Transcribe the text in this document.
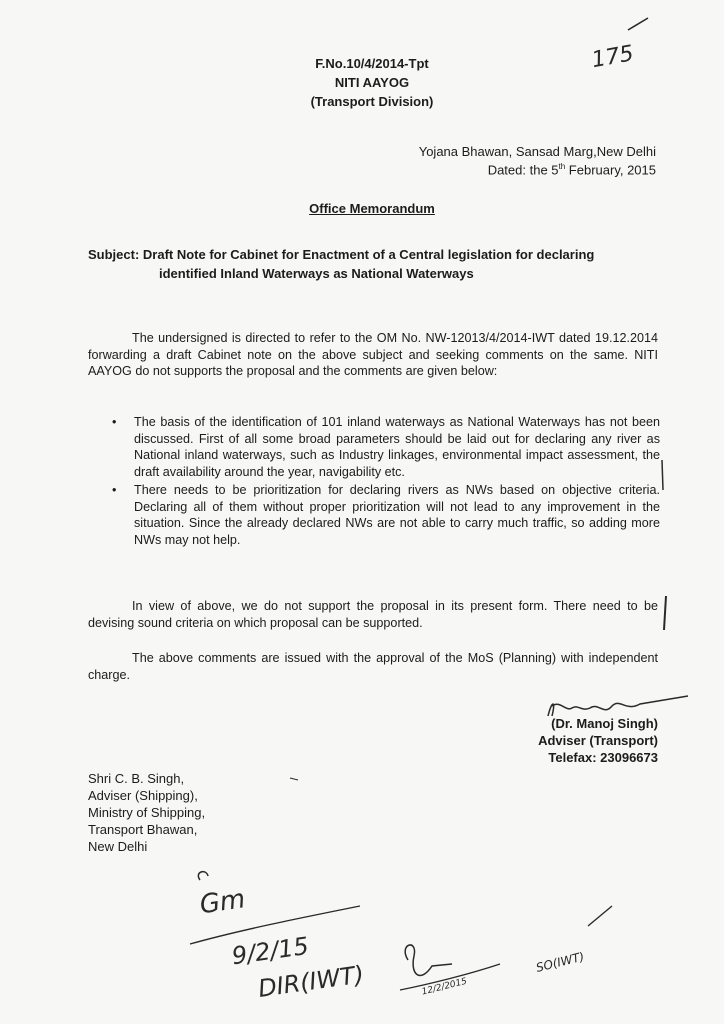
F.No.10/4/2014-Tpt
NITI AAYOG
(Transport Division)
Yojana Bhawan, Sansad Marg,New Delhi
Dated: the 5th February, 2015
Office Memorandum
Subject: Draft Note for Cabinet for Enactment of a Central legislation for declaring
identified Inland Waterways as National Waterways
The undersigned is directed to refer to the OM No. NW-12013/4/2014-IWT dated 19.12.2014 forwarding a draft Cabinet note on the above subject and seeking comments on the same. NITI AAYOG do not supports the proposal and the comments are given below:
• The basis of the identification of 101 inland waterways as National Waterways has not been discussed. First of all some broad parameters should be laid out for declaring any river as National inland waterways, such as Industry linkages, environmental impact assessment, the draft availability around the year, navigability etc.
• There needs to be prioritization for declaring rivers as NWs based on objective criteria. Declaring all of them without proper prioritization will not lead to any improvement in the situation. Since the already declared NWs are not able to carry much traffic, so adding more NWs may not help.
In view of above, we do not support the proposal in its present form. There need to be devising sound criteria on which proposal can be supported.
The above comments are issued with the approval of the MoS (Planning) with independent charge.
(Dr. Manoj Singh)
Adviser (Transport)
Telefax: 23096673
Shri C. B. Singh,
Adviser (Shipping),
Ministry of Shipping,
Transport Bhawan,
New Delhi
175
Gm
9/2/15
DIR(IWT)	12/2/2015
SO(IWT)
